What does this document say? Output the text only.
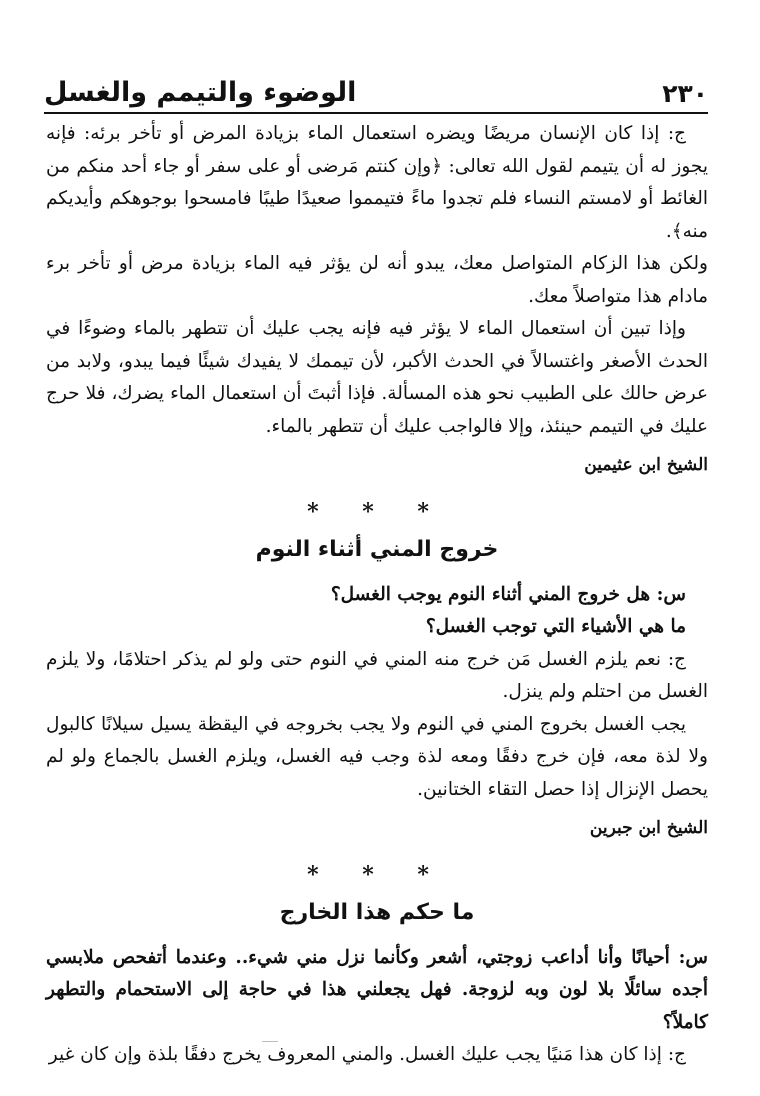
الوضوء والتيمم والغسل	٢٣٠

ج: إذا كان الإنسان مريضًا ويضره استعمال الماء بزيادة المرض أو تأخر برئه: فإنه يجوز له أن يتيمم لقول الله تعالى: ﴿وإن كنتم مَرضى أو على سفر أو جاء أحد منكم من الغائط أو لامستم النساء فلم تجدوا ماءً فتيمموا صعيدًا طيبًا فامسحوا بوجوهكم وأيديكم منه﴾.

ولكن هذا الزكام المتواصل معك، يبدو أنه لن يؤثر فيه الماء بزيادة مرض أو تأخر برء مادام هذا متواصلاً معك.

وإذا تبين أن استعمال الماء لا يؤثر فيه فإنه يجب عليك أن تتطهر بالماء وضوءًا في الحدث الأصغر واغتسالاً في الحدث الأكبر، لأن تيممك لا يفيدك شيئًا فيما يبدو، ولابد من عرض حالك على الطبيب نحو هذه المسألة. فإذا أثبتَ أن استعمال الماء يضرك، فلا حرج عليك في التيمم حينئذ، وإلا فالواجب عليك أن تتطهر بالماء.

الشيخ ابن عثيمين

* * *
خروج المني أثناء النوم

س: هل خروج المني أثناء النوم يوجب الغسل؟

ما هي الأشياء التي توجب الغسل؟

ج: نعم يلزم الغسل مَن خرج منه المني في النوم حتى ولو لم يذكر احتلامًا، ولا يلزم الغسل من احتلم ولم ينزل.

يجب الغسل بخروج المني في النوم ولا يجب بخروجه في اليقظة يسيل سيلانًا كالبول ولا لذة معه، فإن خرج دفقًا ومعه لذة وجب فيه الغسل، ويلزم الغسل بالجماع ولو لم يحصل الإنزال إذا حصل التقاء الختانين.

الشيخ ابن جبرين

* * *
ما حكم هذا الخارج

س: أحيانًا وأنا أداعب زوجتي، أشعر وكأنما نزل مني شيء.. وعندما أتفحص ملابسي أجده سائلًا بلا لون وبه لزوجة. فهل يجعلني هذا في حاجة إلى الاستحمام والتطهر كاملاً؟

ج: إذا كان هذا مَنيًا يجب عليك الغسل. والمني المعروف يخرج دفقًا بلذة وإن كان غير
